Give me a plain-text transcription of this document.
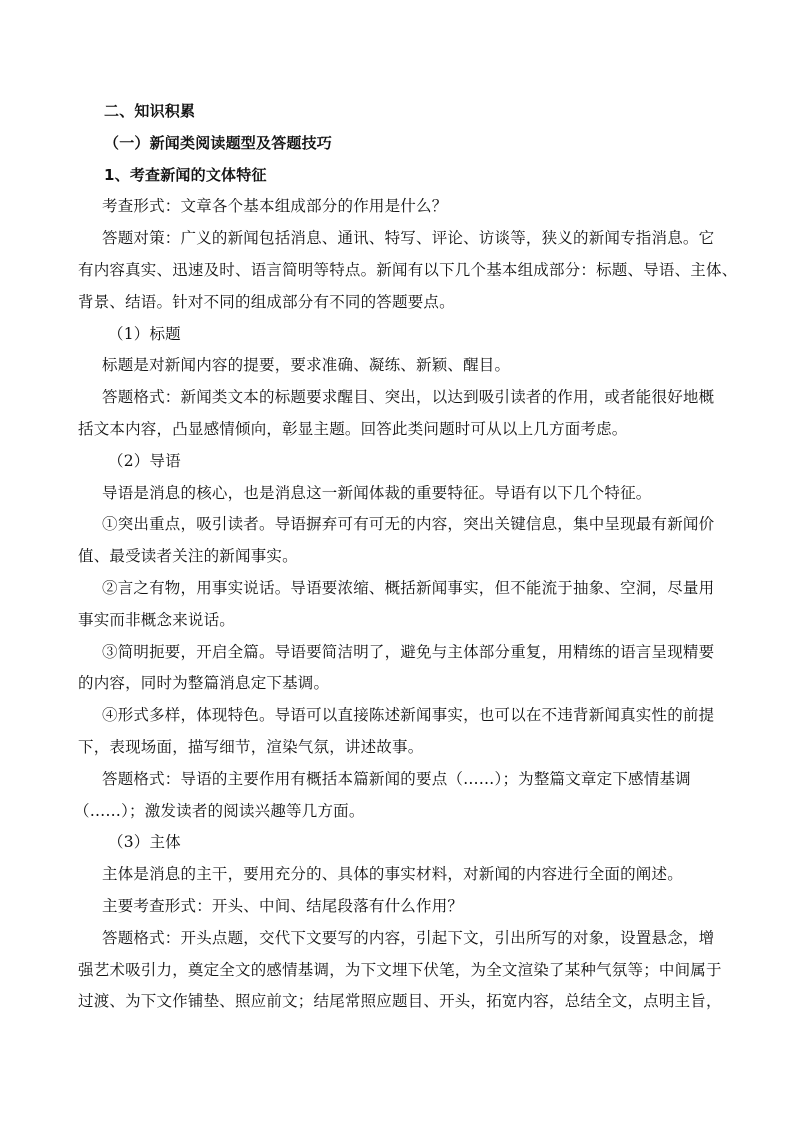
二、知识积累
（一）新闻类阅读题型及答题技巧
1、考查新闻的文体特征
考查形式：文章各个基本组成部分的作用是什么？
答题对策：广义的新闻包括消息、通讯、特写、评论、访谈等，狭义的新闻专指消息。它
有内容真实、迅速及时、语言简明等特点。新闻有以下几个基本组成部分：标题、导语、主体、
背景、结语。针对不同的组成部分有不同的答题要点。
（1）标题
标题是对新闻内容的提要，要求准确、凝练、新颖、醒目。
答题格式：新闻类文本的标题要求醒目、突出，以达到吸引读者的作用，或者能很好地概
括文本内容，凸显感情倾向，彰显主题。回答此类问题时可从以上几方面考虑。
（2）导语
导语是消息的核心，也是消息这一新闻体裁的重要特征。导语有以下几个特征。
①突出重点，吸引读者。导语摒弃可有可无的内容，突出关键信息，集中呈现最有新闻价
值、最受读者关注的新闻事实。
②言之有物，用事实说话。导语要浓缩、概括新闻事实，但不能流于抽象、空洞，尽量用
事实而非概念来说话。
③简明扼要，开启全篇。导语要简洁明了，避免与主体部分重复，用精练的语言呈现精要
的内容，同时为整篇消息定下基调。
④形式多样，体现特色。导语可以直接陈述新闻事实，也可以在不违背新闻真实性的前提
下，表现场面，描写细节，渲染气氛，讲述故事。
答题格式：导语的主要作用有概括本篇新闻的要点（……）；为整篇文章定下感情基调
（……）；激发读者的阅读兴趣等几方面。
（3）主体
主体是消息的主干，要用充分的、具体的事实材料，对新闻的内容进行全面的阐述。
主要考查形式：开头、中间、结尾段落有什么作用？
答题格式：开头点题，交代下文要写的内容，引起下文，引出所写的对象，设置悬念，增
强艺术吸引力，奠定全文的感情基调，为下文埋下伏笔，为全文渲染了某种气氛等；中间属于
过渡、为下文作铺垫、照应前文；结尾常照应题目、开头，拓宽内容，总结全文，点明主旨，
